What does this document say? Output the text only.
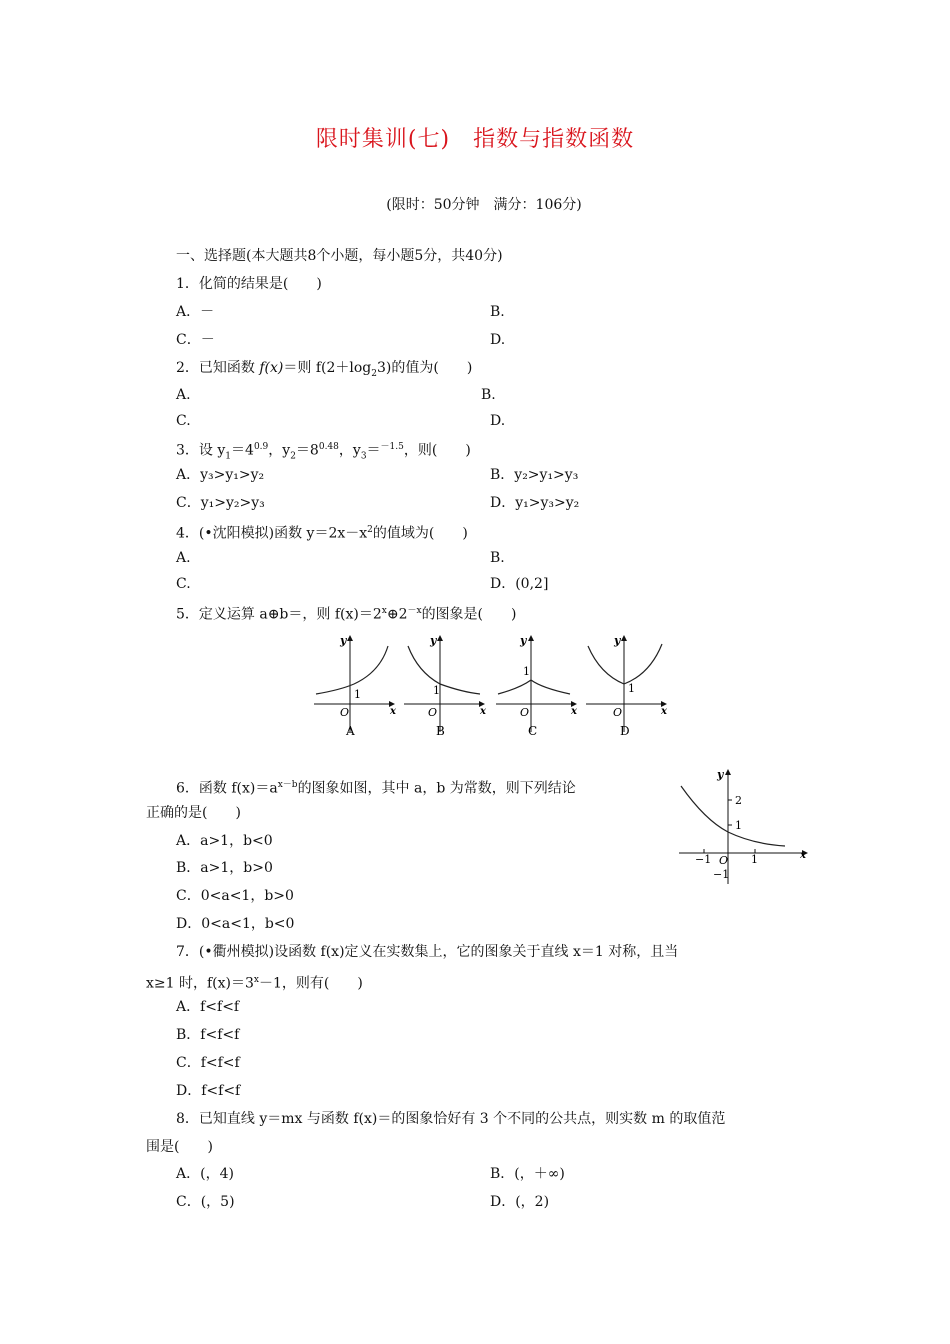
限时集训(七)　指数与指数函数
(限时：50分钟　满分：106分)
一、选择题(本大题共8个小题，每小题5分，共40分)
1．化简的结果是(　　)
A．－	B.
C．－	D.
2．已知函数 f(x)＝则 $f(2+\log_23)$的值为(　　)
A.	B.
C.	D.
3．设 $y_1=4^{0.9}$，$y_2=8^{0.48}$，$y_3=^{-1.5}$，则(　　)
A．y₃>y₁>y₂	B．y₂>y₁>y₃
C．y₁>y₂>y₃	D．y₁>y₃>y₂
4．(•沈阳模拟)函数 $y=2x-x^2$的值域为(　　)
A.	B.
C.	D．(0,2]
5．定义运算 a⊕b＝，则 $f(x)=2^x\oplus 2^{-x}$的图象是(　　)
y
x
O
1
A
y
x
O
1
B
y
x
O
1
C
y
x
O
1
D
6．函数 $f(x)=a^{x-b}$的图象如图，其中 a，b 为常数，则下列结论
正确的是(　　)
A．a>1，b<0
B．a>1，b>0
C．0<a<1，b>0
D．0<a<1，b<0
y
x
O
2
1
−1	1
−1
7．(•衢州模拟)设函数 f(x)定义在实数集上，它的图象关于直线 x＝1 对称，且当
x≥1 时，$f(x)=3^x-1$，则有(　　)
A．f<f<f
B．f<f<f
C．f<f<f
D．f<f<f
8．已知直线 y＝mx 与函数 f(x)＝的图象恰好有 3 个不同的公共点，则实数 m 的取值范
围是(　　)
A．(，4)	B．(，＋∞)
C．(，5)	D．(，2)
